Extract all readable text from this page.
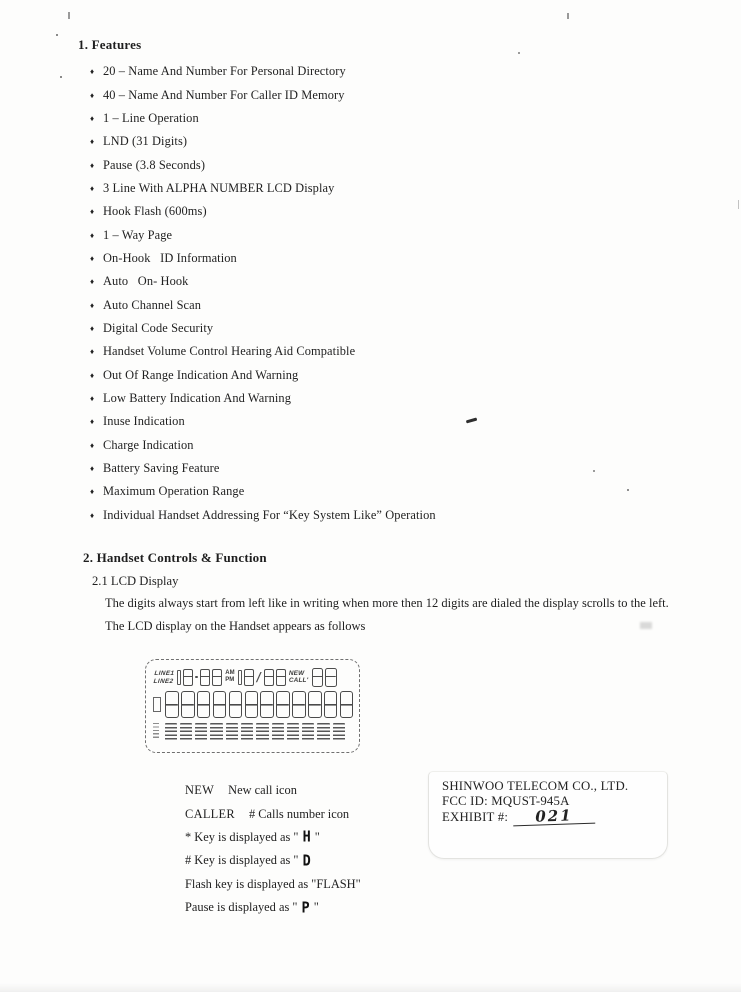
1. Features
♦
20 – Name And Number For Personal Directory
♦
40 – Name And Number For Caller ID Memory
♦
1 – Line Operation
♦
LND (31 Digits)
♦
Pause (3.8 Seconds)
♦
3 Line With ALPHA NUMBER LCD Display
♦
Hook Flash (600ms)
♦
1 – Way Page
♦
On-Hook   ID Information
♦
Auto   On- Hook
♦
Auto Channel Scan
♦
Digital Code Security
♦
Handset Volume Control Hearing Aid Compatible
♦
Out Of Range Indication And Warning
♦
Low Battery Indication And Warning
♦
Inuse Indication
♦
Charge Indication
♦
Battery Saving Feature
♦
Maximum Operation Range
♦
Individual Handset Addressing For “Key System Like” Operation
2. Handset Controls & Function
2.1 LCD Display
The digits always start from left like in writing when more then 12 digits are dialed the display scrolls to the left.
The LCD display on the Handset appears as follows
LINE1
LINE2
AM
PM
/
NEW
CALL'
NEW New call icon
CALLER # Calls number icon
* Key is displayed as " H "
# Key is displayed as " D
Flash key is displayed as "FLASH"
Pause is displayed as " P "
SHINWOO TELECOM CO., LTD.
FCC ID: MQUST-945A
EXHIBIT #: 021
